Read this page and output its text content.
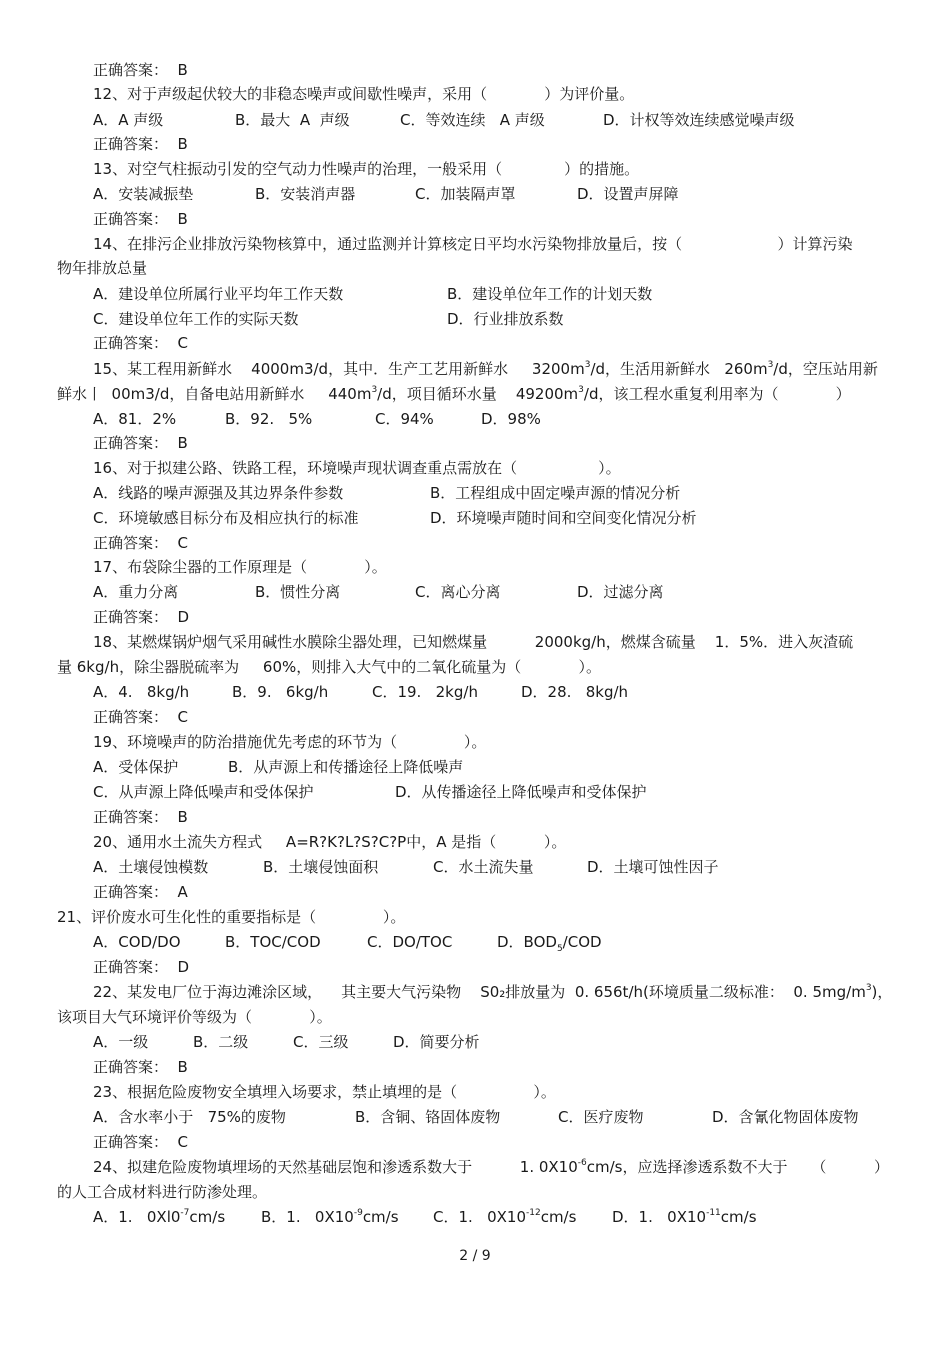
正确答案：  B
12、对于声级起伏较大的非稳态噪声或间歇性噪声，采用（            ）为评价量。
A．A 声级	B．最大  A  声级	C．等效连续   A 声级	D．计权等效连续感觉噪声级
正确答案：  B
13、对空气柱振动引发的空气动力性噪声的治理，一般采用（             ）的措施。
A．安装减振垫	B．安装消声器	C．加装隔声罩	D．设置声屏障
正确答案：  B
14、在排污企业排放污染物核算中，通过监测并计算核定日平均水污染物排放量后，按（                    ）计算污染
物年排放总量
A．建设单位所属行业平均年工作天数	B．建设单位年工作的计划天数
C．建设单位年工作的实际天数	D．行业排放系数
正确答案：  C
15、某工程用新鲜水    4000m3/d，其中．生产工艺用新鲜水     $3200m^3/d$，生活用新鲜水   $260m^3/d$，空压站用新
鲜水丨  00m3/d，自备电站用新鲜水     $440m^3/d$，项目循环水量    $49200m^3/d$，该工程水重复利用率为（            ）
A．81．2%	B．92.   5%	C．94%	D．98%
正确答案：  B
16、对于拟建公路、铁路工程，环境噪声现状调查重点需放在（                 ）。
A．线路的噪声源强及其边界条件参数	B．工程组成中固定噪声源的情况分析
C．环境敏感目标分布及相应执行的标准	D．环境噪声随时间和空间变化情况分析
正确答案：  C
17、布袋除尘器的工作原理是（            ）。
A．重力分离	B．惯性分离	C．离心分离	D．过滤分离
正确答案：  D
18、某燃煤锅炉烟气采用碱性水膜除尘器处理，已知燃煤量          2000kg/h，燃煤含硫量    1．5%．进入灰渣硫
量 6kg/h，除尘器脱硫率为     60%，则排入大气中的二氧化硫量为（            ）。
A．4.   8kg/h	B．9.   6kg/h	C．19.   2kg/h	D．28.   8kg/h
正确答案：  C
19、环境噪声的防治措施优先考虑的环节为（              ）。
A．受体保护	B．从声源上和传播途径上降低噪声
C．从声源上降低噪声和受体保护	D．从传播途径上降低噪声和受体保护
正确答案：  B
20、通用水土流失方程式     A=R?K?L?S?C?P中，A 是指（          ）。
A．土壤侵蚀模数	B．土壤侵蚀面积	C．水土流失量	D．土壤可蚀性因子
正确答案：  A
21、评价废水可生化性的重要指标是（              ）。
A．COD/DO	B．TOC/COD	C．DO/TOC	D．$BOD_5$/COD
正确答案：  D
22、某发电厂位于海边滩涂区域，    其主要大气污染物    S0₂排放量为  0. 656t/h(环境质量二级标准：  0. $5mg/m^3$)，
该项目大气环境评价等级为（            ）。
A．一级	B．二级	C．三级	D．简要分析
正确答案：  B
23、根据危险废物安全填埋入场要求，禁止填埋的是（                ）。
A．含水率小于   75%的废物	B．含铜、铬固体废物	C．医疗废物	D．含氰化物固体废物
正确答案：  C
24、拟建危险废物填埋场的天然基础层饱和渗透系数大于          1. $0X10^{-6}cm/s$，应选择渗透系数不大于     （          ）
的人工合成材料进行防渗处理。
A．1.   $0Xl0^{-7}cm/s$ B．1.   $0X10^{-9}cm/s$ C．1.   $0X10^{-12}cm/s$ D．1.   $0X10^{-11}cm/s$
2 / 9
